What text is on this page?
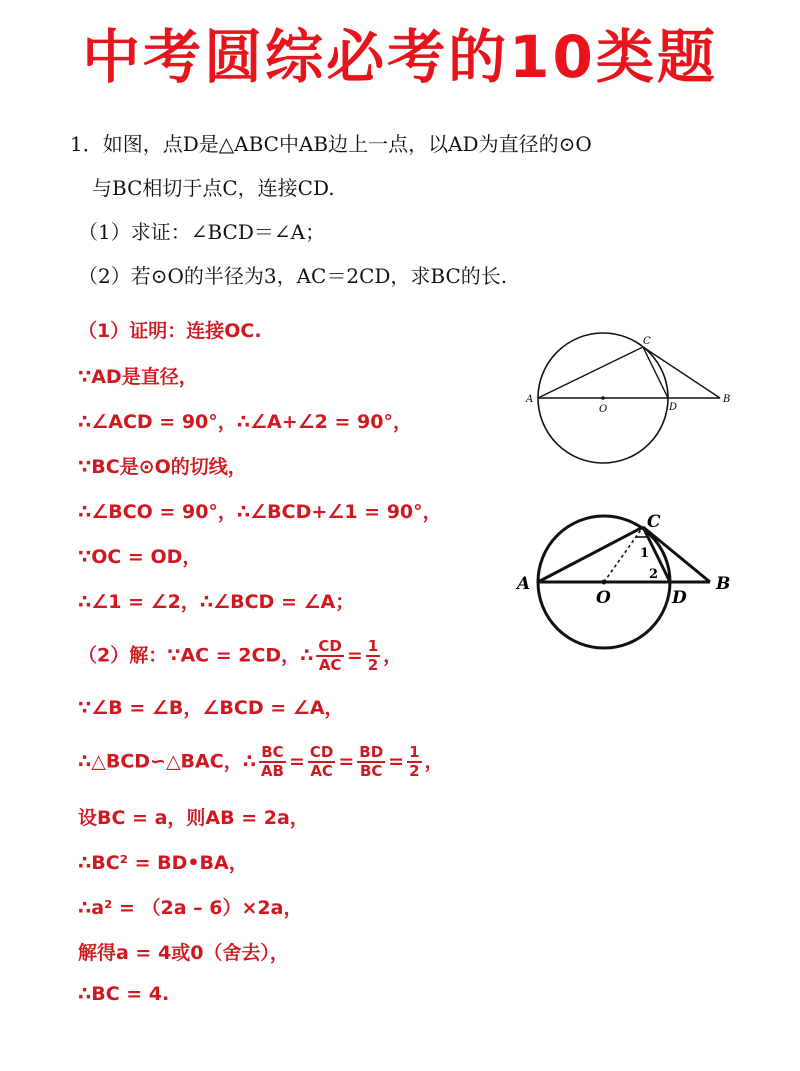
中考圆综必考的10类题
1．如图，点D是△ABC中AB边上一点，以AD为直径的⊙O
与BC相切于点C，连接CD.
（1）求证：∠BCD＝∠A；
（2）若⊙O的半径为3，AC＝2CD，求BC的长.
（1）证明：连接OC.
∵AD是直径，
∴∠ACD = 90°，∴∠A+∠2 = 90°，
∵BC是⊙O的切线，
∴∠BCO = 90°，∴∠BCD+∠1 = 90°，
∵OC = OD，
∴∠1 = ∠2，∴∠BCD = ∠A；
（2）解：∵AC = 2CD，∴ $\frac{CD}{AC} = \frac{1}{2}$ ，
∵∠B = ∠B，∠BCD = ∠A，
∴△BCD∽△BAC，∴ $\frac{BC}{AB} = \frac{CD}{AC} = \frac{BD}{BC} = \frac{1}{2}$ ，
设BC = a，则AB = 2a，
∴BC² = BD•BA，
∴a² = （2a – 6）×2a，
解得a = 4或0（舍去），
∴BC = 4.
A
O	D
B
C
A
O	D
B
C
1
2
